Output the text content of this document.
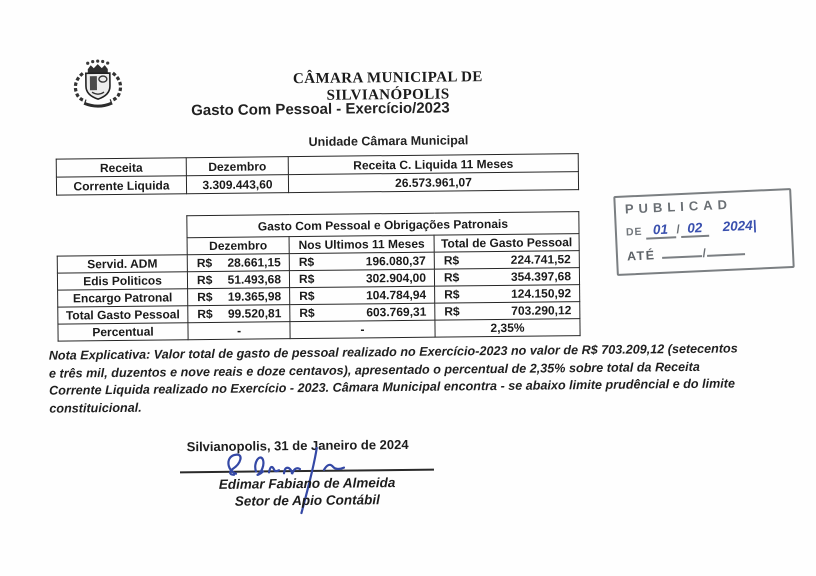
CÂMARA MUNICIPAL DE SILVIANÓPOLIS
Gasto Com Pessoal - Exercício/2023
Unidade Câmara Municipal
Receita	Dezembro	Receita C. Liquida 11 Meses
Corrente Liquida	3.309.443,60	26.573.961,07
	Gasto Com Pessoal e Obrigações Patronais		
	Dezembro	Nos Ultimos 11 Meses	Total de Gasto Pessoal
Servid. ADM	R$ 28.661,15	R$ 196.080,37	R$ 224.741,52

Edis Politicos	R$ 51.493,68	R$ 302.904,00	R$ 354.397,68

Encargo Patronal	R$ 19.365,98	R$ 104.784,94	R$ 124.150,92

Total Gasto Pessoal	R$ 99.520,81	R$ 603.769,31	R$ 703.290,12

Percentual	-	-	2,35%
Nota Explicativa: Valor total de gasto de pessoal realizado no Exercício-2023 no valor de R$ 703.209,12 (setecentos
e três mil, duzentos e nove reais e doze centavos), apresentado o percentual de 2,35% sobre total da Receita
Corrente Liquida realizado no Exercício - 2023. Câmara Municipal encontra - se abaixo limite prudêncial e do limite
constituicional.
Silvianopolis, 31 de Janeiro de 2024
Edimar Fabiano de Almeida
Setor de Apio Contábil
PUBLICAD
DE 01 / 02	2024 |
ATÉ	/
